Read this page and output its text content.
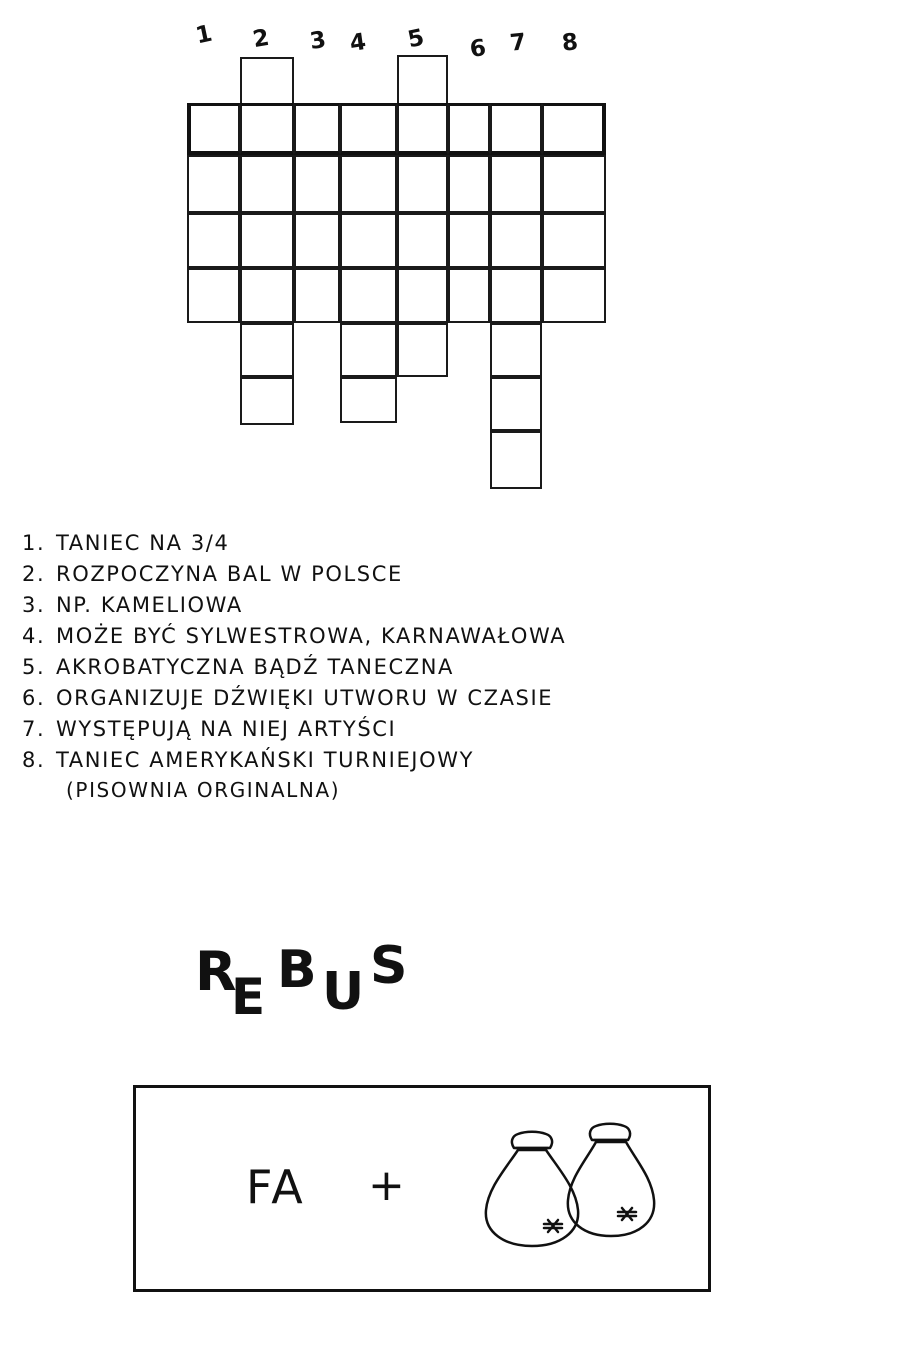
1 2 3 4 5 6 7 8
1. TANIEC NA 3/4
2. ROZPOCZYNA BAL W POLSCE
3. NP. KAMELIOWA
4. MOŻE BYĆ SYLWESTROWA, KARNAWAŁOWA
5. AKROBATYCZNA BĄDŹ TANECZNA
6. ORGANIZUJE DŹWIĘKI UTWORU W CZASIE
7. WYSTĘPUJĄ NA NIEJ ARTYŚCI
8. TANIEC AMERYKAŃSKI TURNIEJOWY
(PISOWNIA ORGINALNA)
R
E B U S
FA +
